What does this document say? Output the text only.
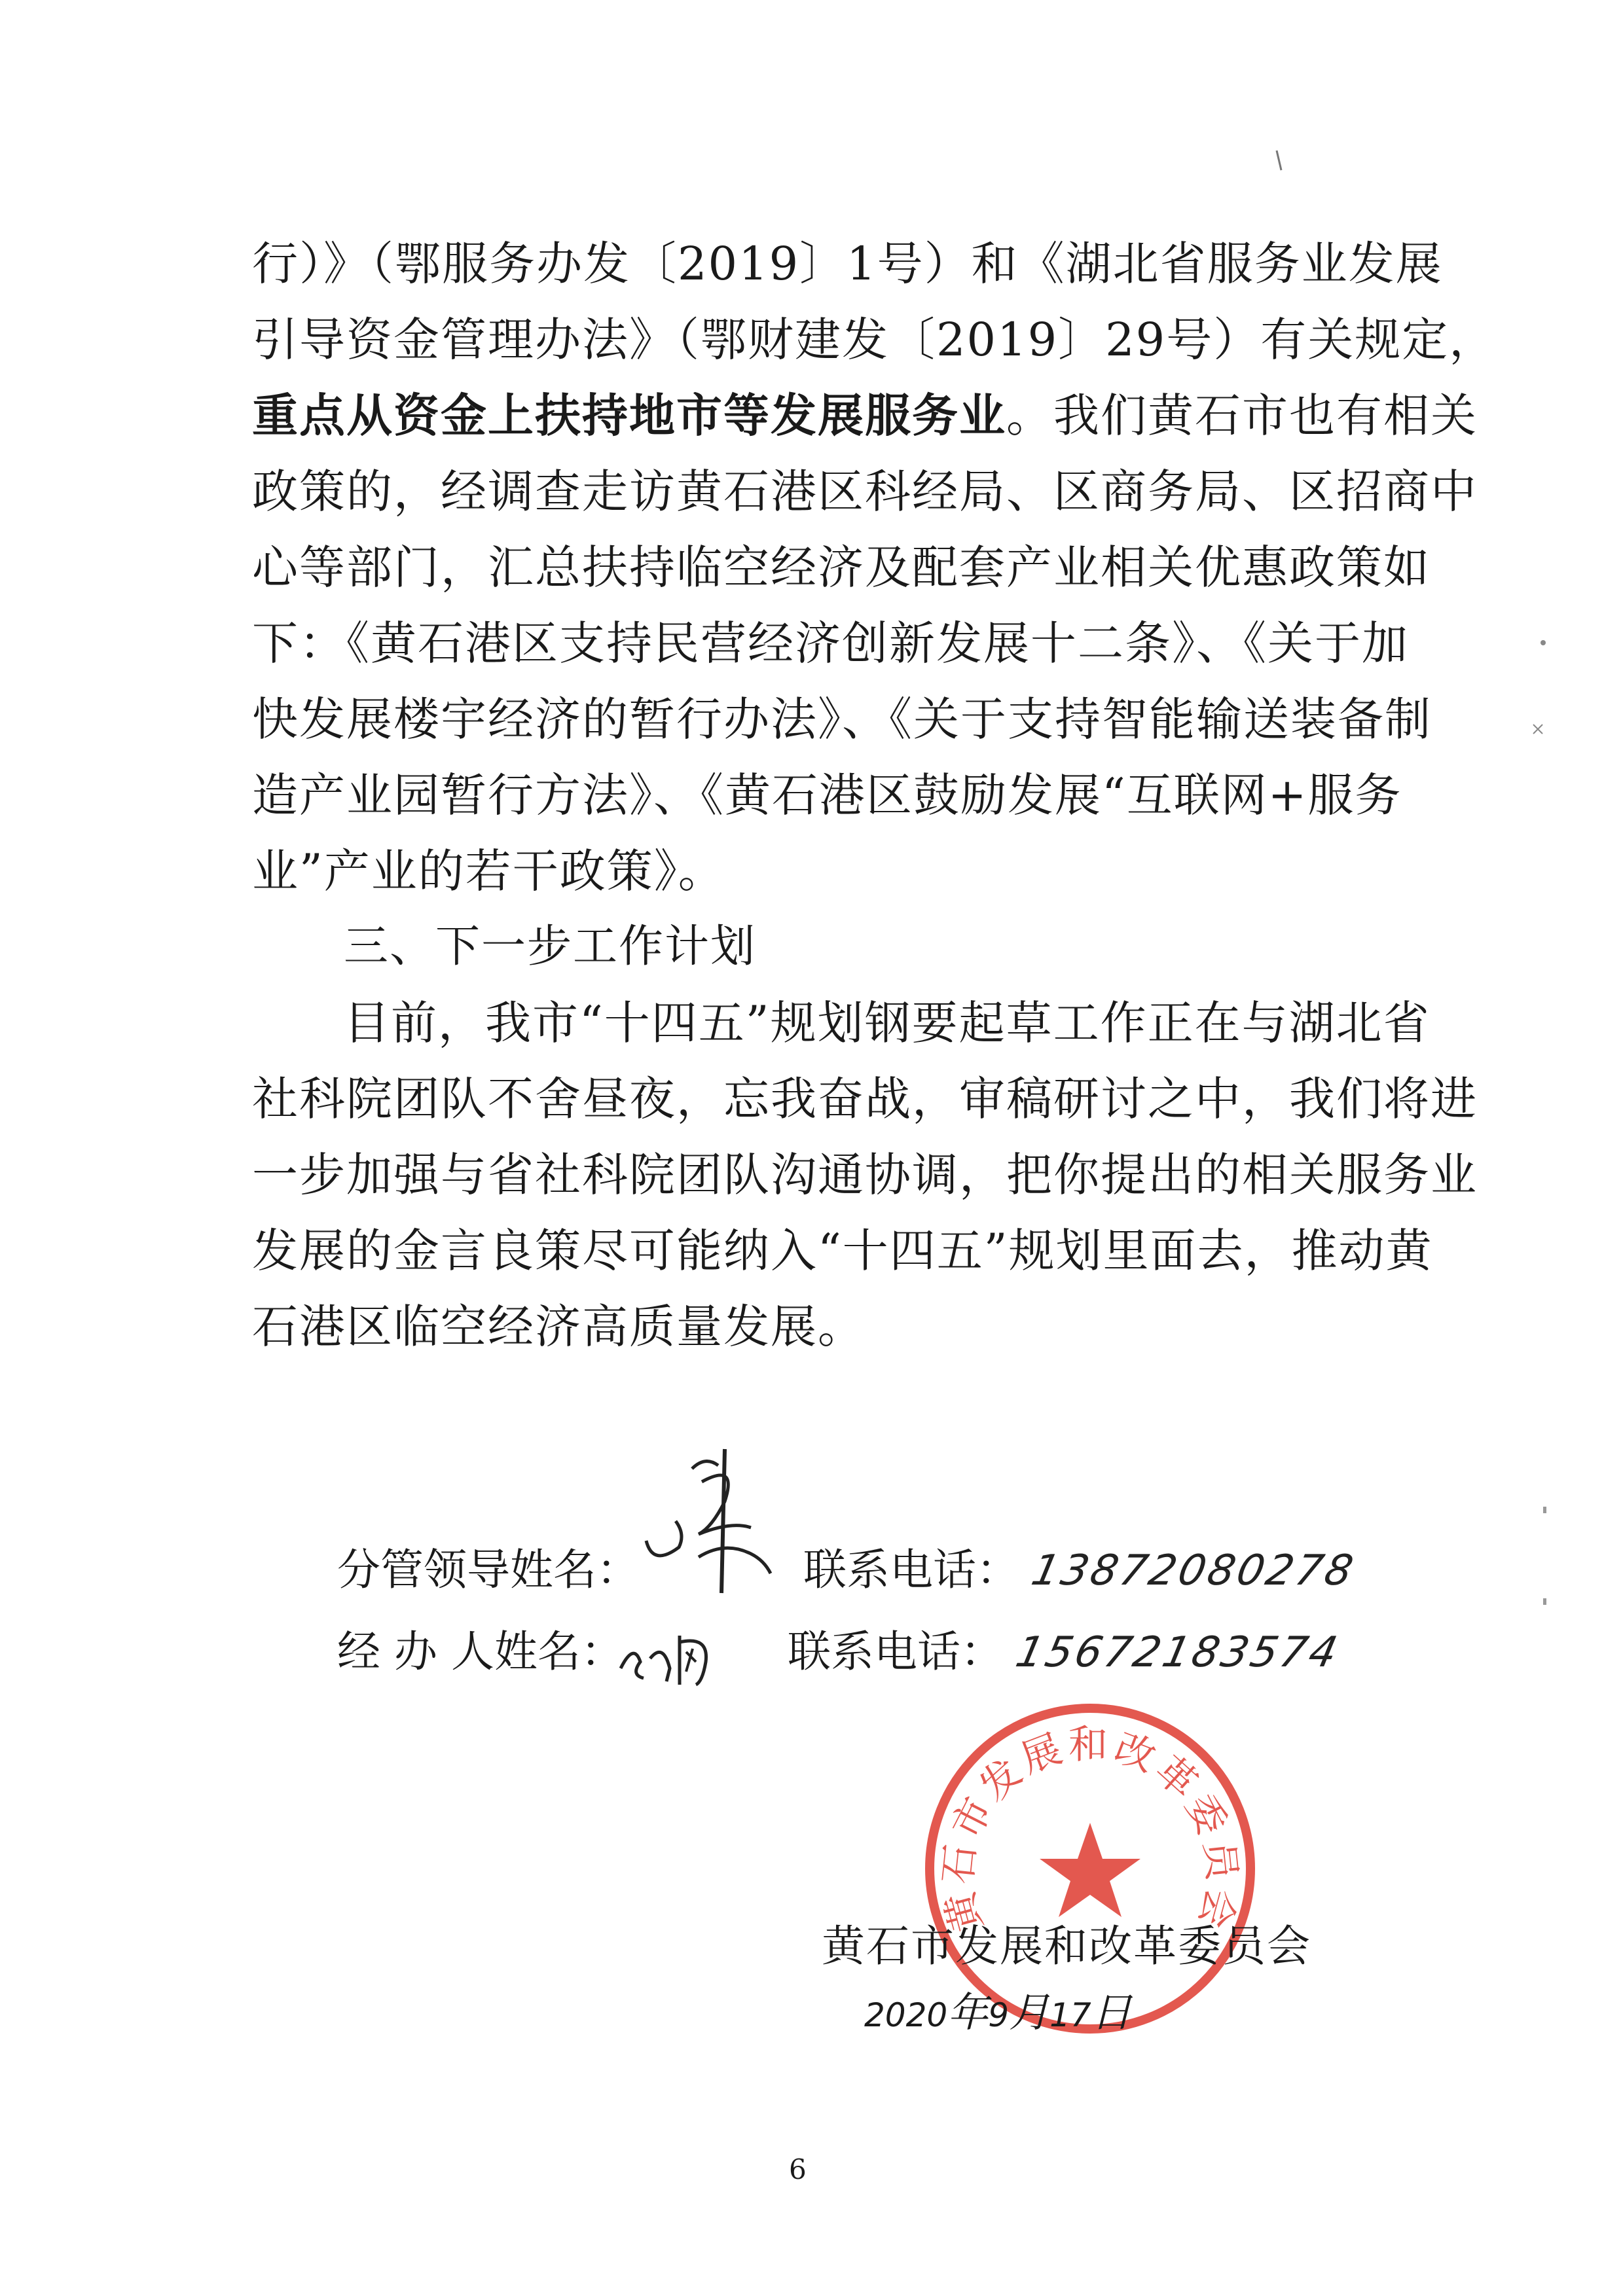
行）》（鄂服务办发〔2019〕1号）和《湖北省服务业发展
引导资金管理办法》（鄂财建发〔2019〕29号）有关规定，
重点从资金上扶持地市等发展服务业。我们黄石市也有相关
政策的，经调查走访黄石港区科经局、区商务局、区招商中
心等部门，汇总扶持临空经济及配套产业相关优惠政策如
下：《黄石港区支持民营经济创新发展十二条》、《关于加
快发展楼宇经济的暂行办法》、《关于支持智能输送装备制
造产业园暂行方法》、《黄石港区鼓励发展“互联网+服务
业”产业的若干政策》。
三、下一步工作计划
目前，我市“十四五”规划钢要起草工作正在与湖北省
社科院团队不舍昼夜，忘我奋战，审稿研讨之中，我们将进
一步加强与省社科院团队沟通协调，把你提出的相关服务业
发展的金言良策尽可能纳入“十四五”规划里面去，推动黄
石港区临空经济高质量发展。
分管领导姓名：	联系电话： 13872080278
经 办 人姓名：	联系电话： 15672183574
黄石市发展和改革委员会
黄石市发展和改革委员会
2020年9月17日
6
